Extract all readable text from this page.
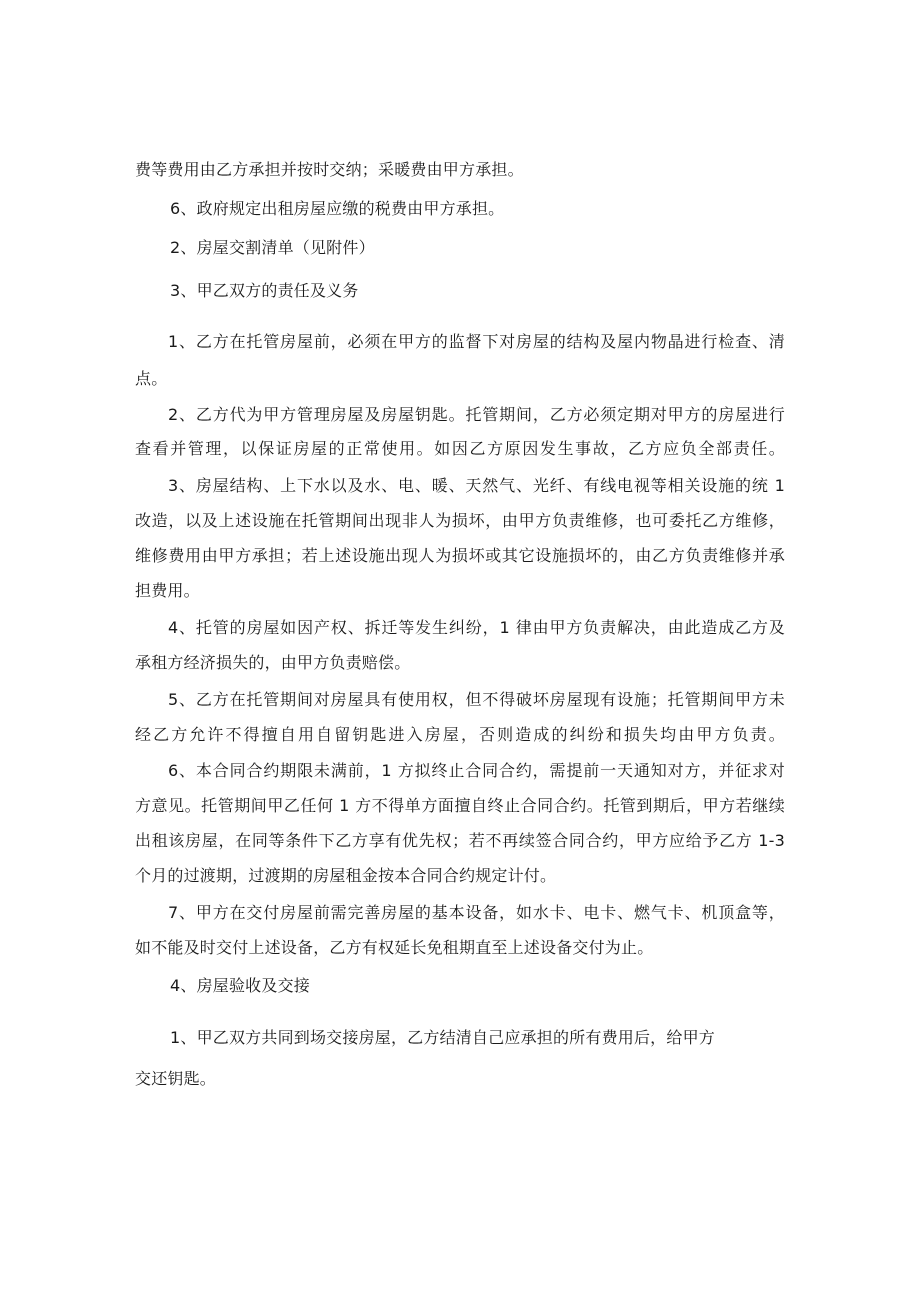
费等费用由乙方承担并按时交纳；采暖费由甲方承担。

6、政府规定出租房屋应缴的税费由甲方承担。

2、房屋交割清单（见附件）

3、甲乙双方的责任及义务

1、乙方在托管房屋前，必须在甲方的监督下对房屋的结构及屋内物晶进行检查、清

点。

2、乙方代为甲方管理房屋及房屋钥匙。托管期间，乙方必须定期对甲方的房屋进行

查看并管理，以保证房屋的正常使用。如因乙方原因发生事故，乙方应负全部责任。

3、房屋结构、上下水以及水、电、暖、天然气、光纤、有线电视等相关设施的统 1

改造，以及上述设施在托管期间出现非人为损坏，由甲方负责维修，也可委托乙方维修，

维修费用由甲方承担；若上述设施出现人为损坏或其它设施损坏的，由乙方负责维修并承

担费用。

4、托管的房屋如因产权、拆迁等发生纠纷，1 律由甲方负责解决，由此造成乙方及

承租方经济损失的，由甲方负责赔偿。

5、乙方在托管期间对房屋具有使用权，但不得破坏房屋现有设施；托管期间甲方未

经乙方允许不得擅自用自留钥匙进入房屋，否则造成的纠纷和损失均由甲方负责。

6、本合同合约期限未满前，1 方拟终止合同合约，需提前一天通知对方，并征求对

方意见。托管期间甲乙任何 1 方不得单方面擅自终止合同合约。托管到期后，甲方若继续

出租该房屋，在同等条件下乙方享有优先权；若不再续签合同合约，甲方应给予乙方 1-3

个月的过渡期，过渡期的房屋租金按本合同合约规定计付。

7、甲方在交付房屋前需完善房屋的基本设备，如水卡、电卡、燃气卡、机顶盒等，

如不能及时交付上述设备，乙方有权延长免租期直至上述设备交付为止。

4、房屋验收及交接

1、甲乙双方共同到场交接房屋，乙方结清自己应承担的所有费用后，给甲方

交还钥匙。
